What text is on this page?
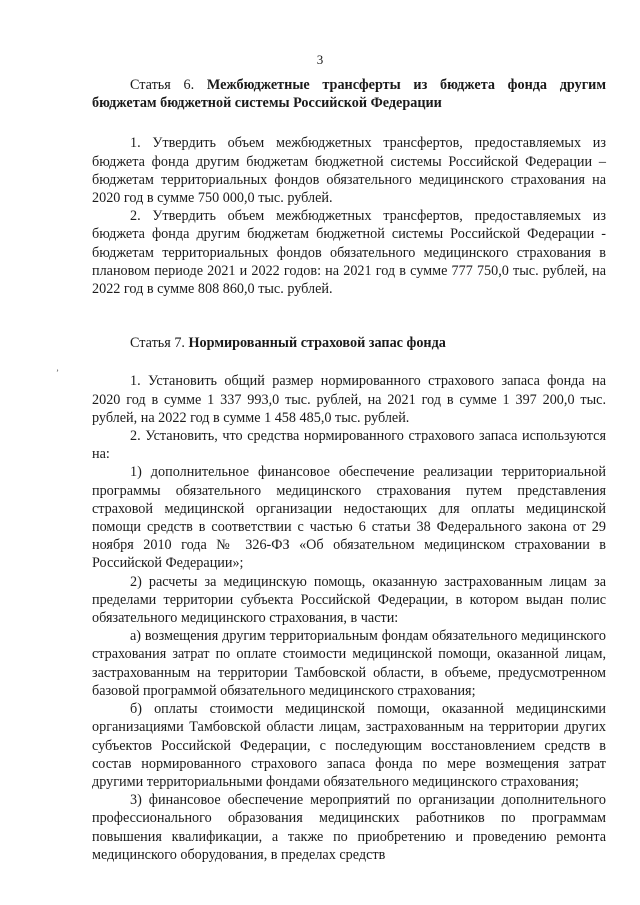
3
ʼ

Статья 6. Межбюджетные трансферты из бюджета фонда другим бюджетам бюджетной системы Российской Федерации

1. Утвердить объем межбюджетных трансфертов, предоставляемых из бюджета фонда другим бюджетам бюджетной системы Российской Федерации – бюджетам территориальных фондов обязательного медицинского страхования на 2020 год в сумме 750 000,0 тыс. рублей.

2. Утвердить объем межбюджетных трансфертов, предоставляемых из бюджета фонда другим бюджетам бюджетной системы Российской Федерации - бюджетам территориальных фондов обязательного медицинского страхования в плановом периоде 2021 и 2022 годов: на 2021 год в сумме 777 750,0 тыс. рублей, на 2022 год в сумме 808 860,0 тыс. рублей.

Статья 7. Нормированный страховой запас фонда

1. Установить общий размер нормированного страхового запаса фонда на 2020 год в сумме 1 337 993,0 тыс. рублей, на 2021 год в сумме 1 397 200,0 тыс. рублей, на 2022 год в сумме 1 458 485,0 тыс. рублей.

2. Установить, что средства нормированного страхового запаса используются на:

1) дополнительное финансовое обеспечение реализации территориальной программы обязательного медицинского страхования путем представления страховой медицинской организации недостающих для оплаты медицинской помощи средств в соответствии с частью 6 статьи 38 Федерального закона от 29 ноября 2010 года № 326-ФЗ «Об обязательном медицинском страховании в Российской Федерации»;

2) расчеты за медицинскую помощь, оказанную застрахованным лицам за пределами территории субъекта Российской Федерации, в котором выдан полис обязательного медицинского страхования, в части:

а) возмещения другим территориальным фондам обязательного медицинского страхования затрат по оплате стоимости медицинской помощи, оказанной лицам, застрахованным на территории Тамбовской области, в объеме, предусмотренном базовой программой обязательного медицинского страхования;

б) оплаты стоимости медицинской помощи, оказанной медицинскими организациями Тамбовской области лицам, застрахованным на территории других субъектов Российской Федерации, с последующим восстановлением средств в состав нормированного страхового запаса фонда по мере возмещения затрат другими территориальными фондами обязательного медицинского страхования;

3) финансовое обеспечение мероприятий по организации дополнительного профессионального образования медицинских работников по программам повышения квалификации, а также по приобретению и проведению ремонта медицинского оборудования, в пределах средств
